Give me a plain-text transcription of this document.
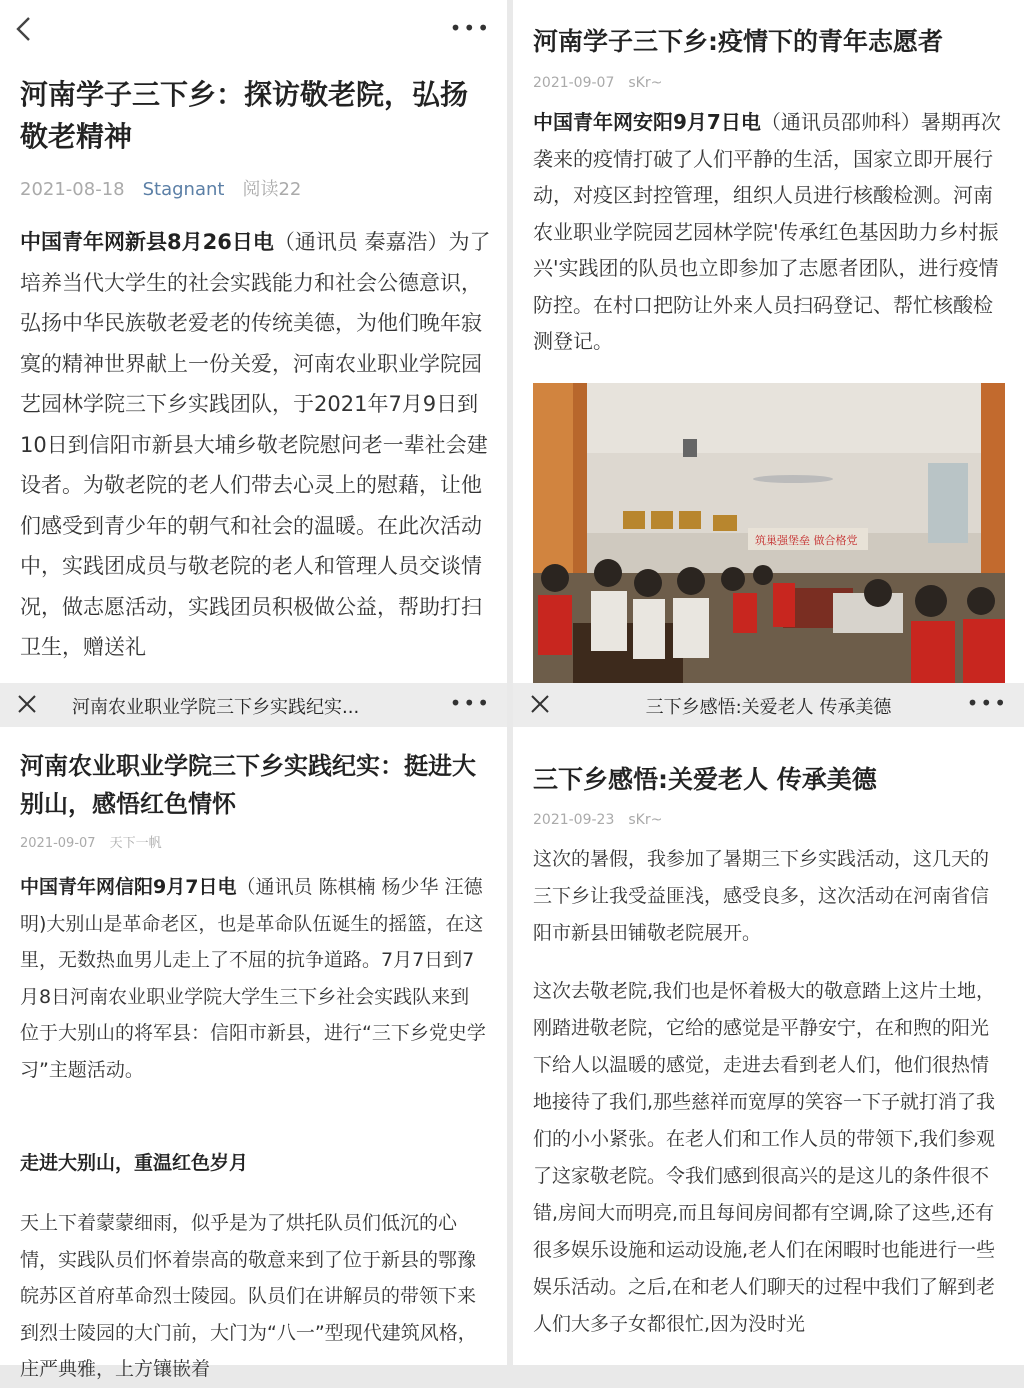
•••
河南学子三下乡：探访敬老院，弘扬敬老精神
2021-08-18 Stagnant 阅读22
中国青年网新县8月26日电（通讯员 秦嘉浩）为了培养当代大学生的社会实践能力和社会公德意识，弘扬中华民族敬老爱老的传统美德，为他们晚年寂寞的精神世界献上一份关爱，河南农业职业学院园艺园林学院三下乡实践团队，于2021年7月9日到10日到信阳市新县大埔乡敬老院慰问老一辈社会建设者。为敬老院的老人们带去心灵上的慰藉，让他们感受到青少年的朝气和社会的温暖。在此次活动中，实践团成员与敬老院的老人和管理人员交谈情况，做志愿活动，实践团员积极做公益，帮助打扫卫生，赠送礼
河南学子三下乡:疫情下的青年志愿者
2021-09-07 sKr~
中国青年网安阳9月7日电（通讯员邵帅科）暑期再次袭来的疫情打破了人们平静的生活，国家立即开展行动，对疫区封控管理，组织人员进行核酸检测。河南农业职业学院园艺园林学院'传承红色基因助力乡村振兴'实践团的队员也立即参加了志愿者团队，进行疫情防控。在村口把防让外来人员扫码登记、帮忙核酸检测登记。
筑巢强堡垒 做合格党
河南农业职业学院三下乡实践纪实...	•••
河南农业职业学院三下乡实践纪实：挺进大别山，感悟红色情怀
2021-09-07 天下一帆
中国青年网信阳9月7日电（通讯员 陈棋楠 杨少华 汪德明)大别山是革命老区，也是革命队伍诞生的摇篮，在这里，无数热血男儿走上了不屈的抗争道路。7月7日到7月8日河南农业职业学院大学生三下乡社会实践队来到位于大别山的将军县：信阳市新县，进行“三下乡党史学习”主题活动。
走进大别山，重温红色岁月
天上下着蒙蒙细雨，似乎是为了烘托队员们低沉的心情，实践队员们怀着崇高的敬意来到了位于新县的鄂豫皖苏区首府革命烈士陵园。队员们在讲解员的带领下来到烈士陵园的大门前，大门为“八一”型现代建筑风格，庄严典雅，上方镶嵌着
三下乡感悟:关爱老人 传承美德	•••
三下乡感悟:关爱老人 传承美德
2021-09-23 sKr~
这次的暑假，我参加了暑期三下乡实践活动，这几天的三下乡让我受益匪浅，感受良多，这次活动在河南省信阳市新县田铺敬老院展开。
这次去敬老院,我们也是怀着极大的敬意踏上这片土地，刚踏进敬老院，它给的感觉是平静安宁，在和煦的阳光下给人以温暖的感觉，走进去看到老人们，他们很热情地接待了我们,那些慈祥而宽厚的笑容一下子就打消了我们的小小紧张。在老人们和工作人员的带领下,我们参观了这家敬老院。令我们感到很高兴的是这儿的条件很不错,房间大而明亮,而且每间房间都有空调,除了这些,还有很多娱乐设施和运动设施,老人们在闲暇时也能进行一些娱乐活动。之后,在和老人们聊天的过程中我们了解到老人们大多子女都很忙,因为没时光
